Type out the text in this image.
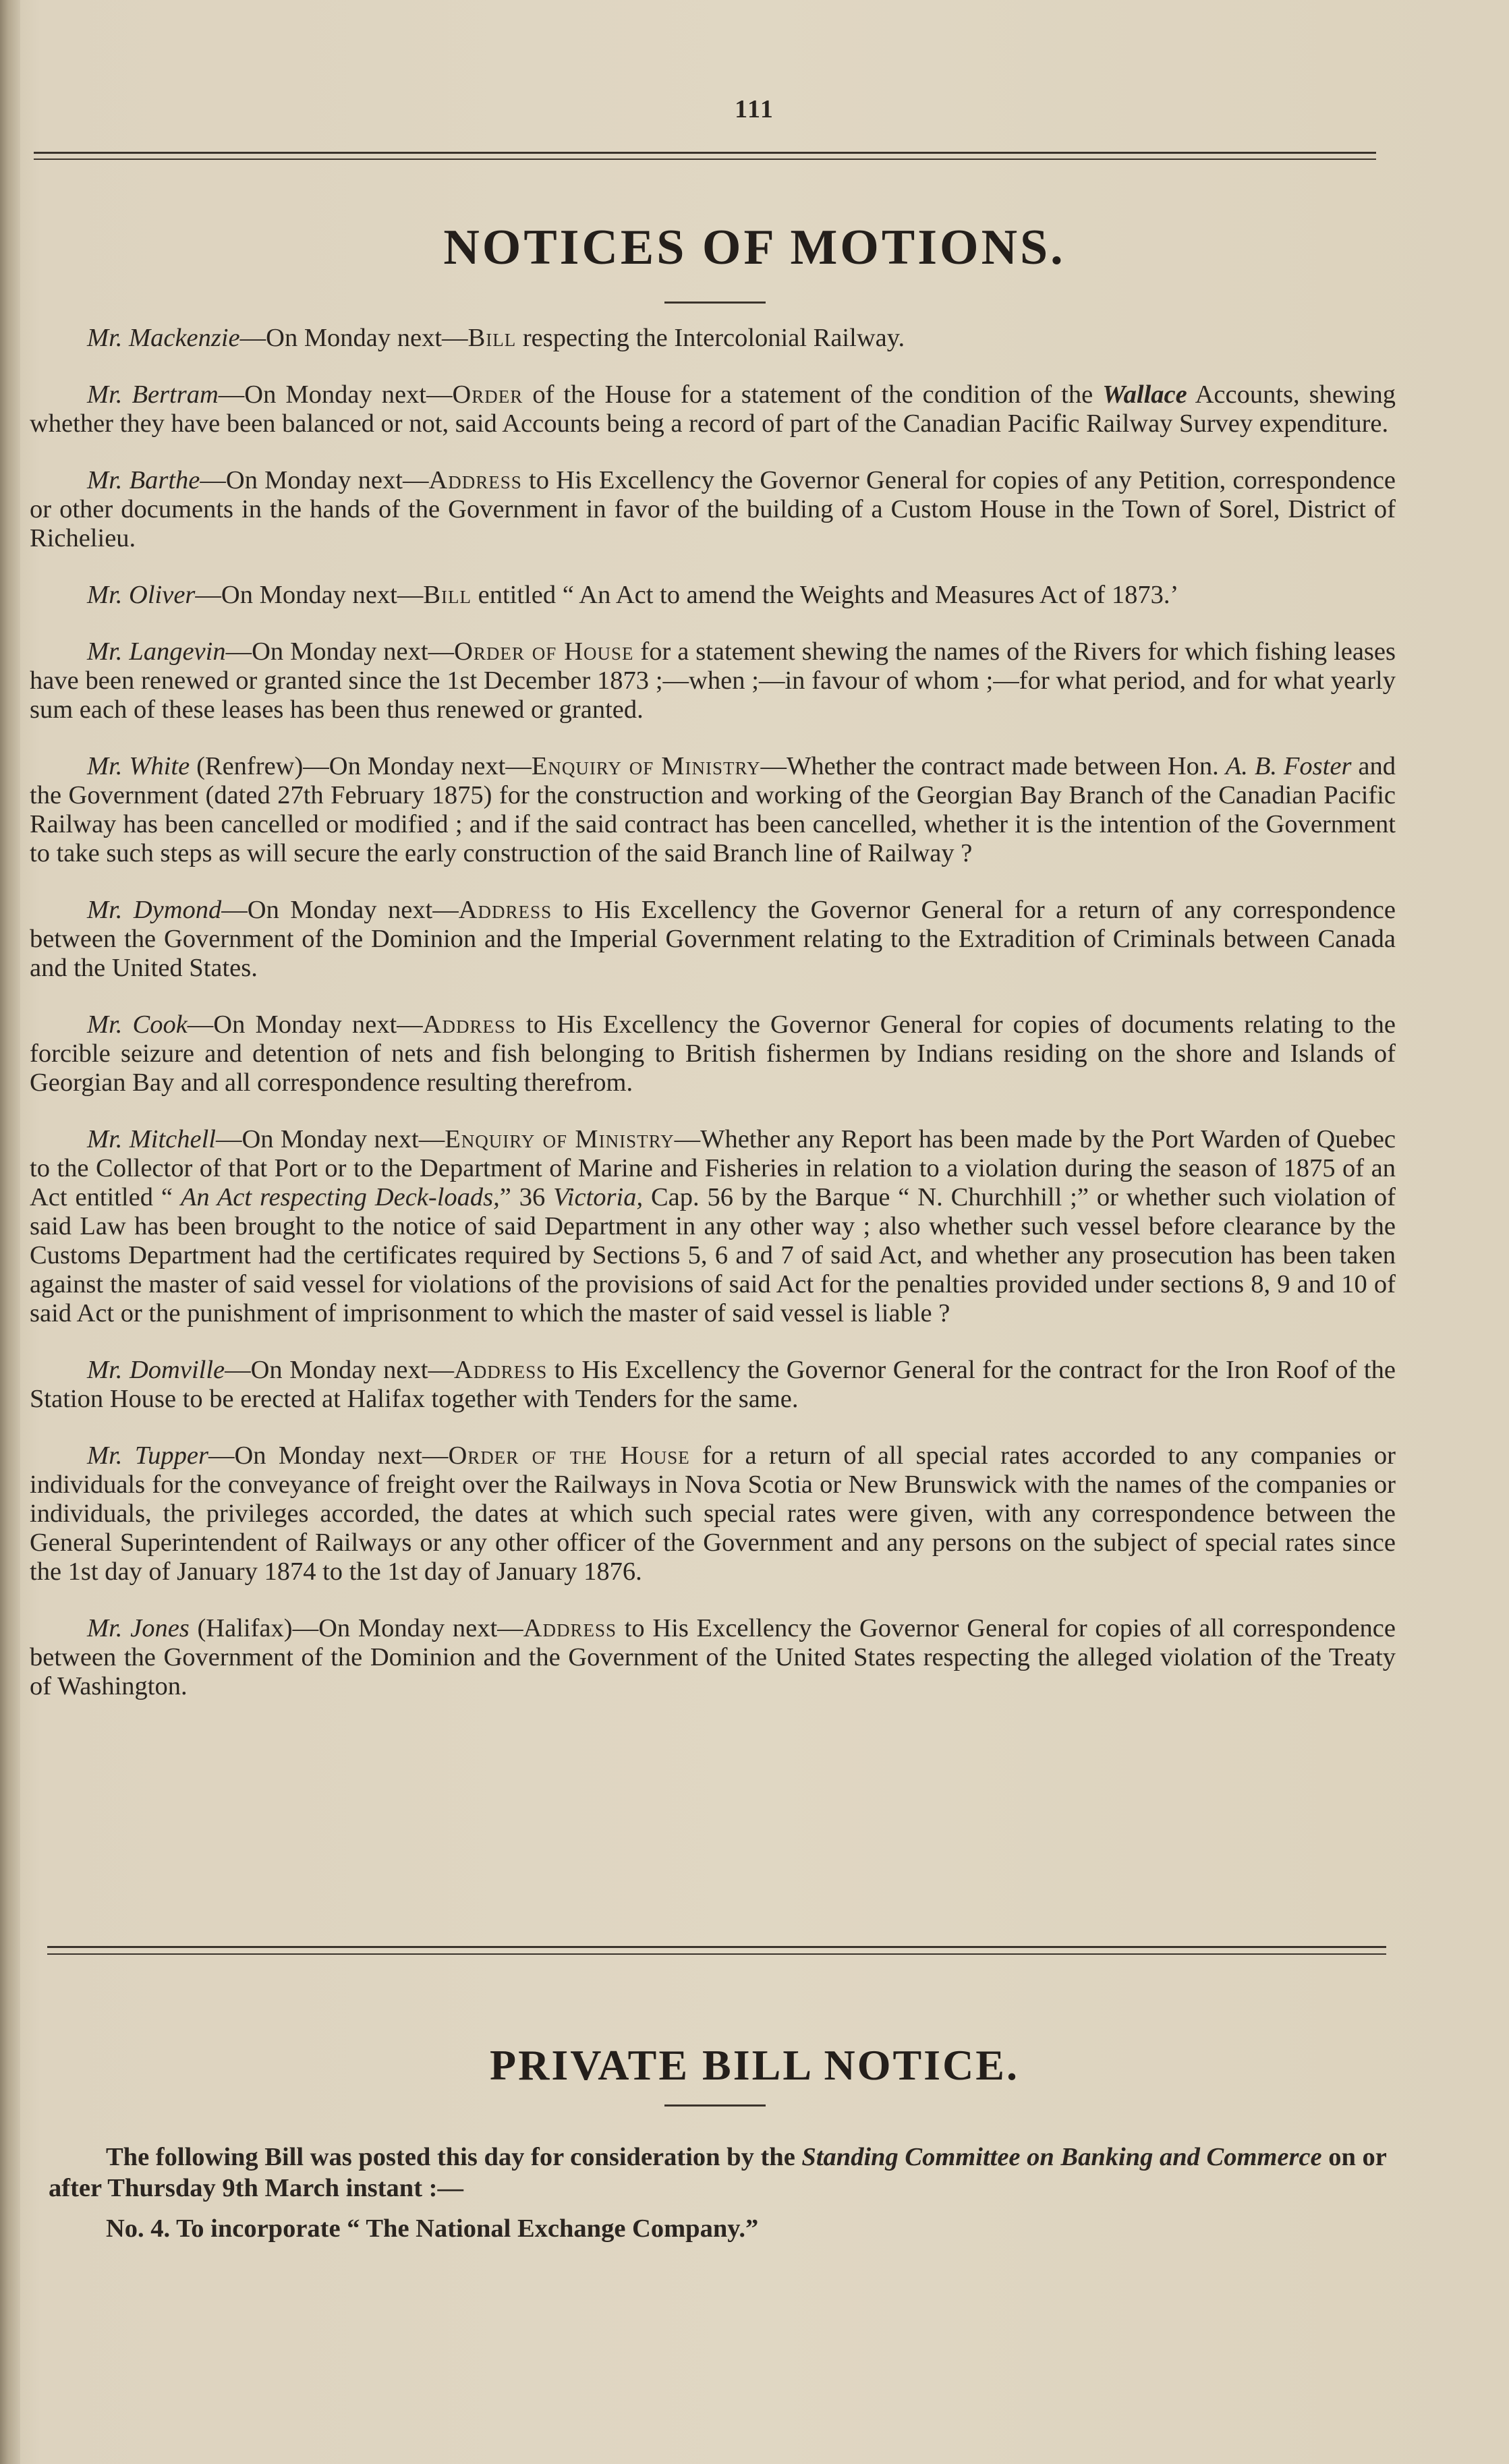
111
NOTICES OF MOTIONS.

Mr. Mackenzie—On Monday next—Bill respecting the Intercolonial Railway.

Mr. Bertram—On Monday next—Order of the House for a statement of the condition of the Wallace Accounts, shewing whether they have been balanced or not, said Accounts being a record of part of the Canadian Pacific Railway Survey expenditure.

Mr. Barthe—On Monday next—Address to His Excellency the Governor General for copies of any Petition, correspondence or other documents in the hands of the Government in favor of the building of a Custom House in the Town of Sorel, District of Richelieu.

Mr. Oliver—On Monday next—Bill entitled “ An Act to amend the Weights and Measures Act of 1873.’

Mr. Langevin—On Monday next—Order of House for a statement shewing the names of the Rivers for which fishing leases have been renewed or granted since the 1st December 1873 ;—when ;—in favour of whom ;—for what period, and for what yearly sum each of these leases has been thus renewed or granted.

Mr. White (Renfrew)—On Monday next—Enquiry of Ministry—Whether the contract made between Hon. A. B. Foster and the Government (dated 27th February 1875) for the construction and working of the Georgian Bay Branch of the Canadian Pacific Railway has been cancelled or modified ; and if the said contract has been cancelled, whether it is the intention of the Government to take such steps as will secure the early construction of the said Branch line of Railway ?

Mr. Dymond—On Monday next—Address to His Excellency the Governor General for a return of any correspondence between the Government of the Dominion and the Imperial Government relating to the Extradition of Criminals between Canada and the United States.

Mr. Cook—On Monday next—Address to His Excellency the Governor General for copies of documents relating to the forcible seizure and detention of nets and fish belonging to British fishermen by Indians residing on the shore and Islands of Georgian Bay and all correspondence resulting therefrom.

Mr. Mitchell—On Monday next—Enquiry of Ministry—Whether any Report has been made by the Port Warden of Quebec to the Collector of that Port or to the Department of Marine and Fisheries in relation to a violation during the season of 1875 of an Act entitled “ An Act respecting Deck-loads,” 36 Victoria, Cap. 56 by the Barque “ N. Churchhill ;” or whether such violation of said Law has been brought to the notice of said Department in any other way ; also whether such vessel before clearance by the Customs Department had the certificates required by Sections 5, 6 and 7 of said Act, and whether any prosecution has been taken against the master of said vessel for violations of the provisions of said Act for the penalties provided under sections 8, 9 and 10 of said Act or the punishment of imprisonment to which the master of said vessel is liable ?

Mr. Domville—On Monday next—Address to His Excellency the Governor General for the contract for the Iron Roof of the Station House to be erected at Halifax together with Tenders for the same.

Mr. Tupper—On Monday next—Order of the House for a return of all special rates accorded to any companies or individuals for the conveyance of freight over the Railways in Nova Scotia or New Brunswick with the names of the companies or individuals, the privileges accorded, the dates at which such special rates were given, with any correspondence between the General Superintendent of Railways or any other officer of the Government and any persons on the subject of special rates since the 1st day of January 1874 to the 1st day of January 1876.

Mr. Jones (Halifax)—On Monday next—Address to His Excellency the Governor General for copies of all correspondence between the Government of the Dominion and the Government of the United States respecting the alleged violation of the Treaty of Washington.

PRIVATE BILL NOTICE.

The following Bill was posted this day for consideration by the Standing Committee on Banking and Commerce on or after Thursday 9th March instant :—

No. 4. To incorporate “ The National Exchange Company.”
